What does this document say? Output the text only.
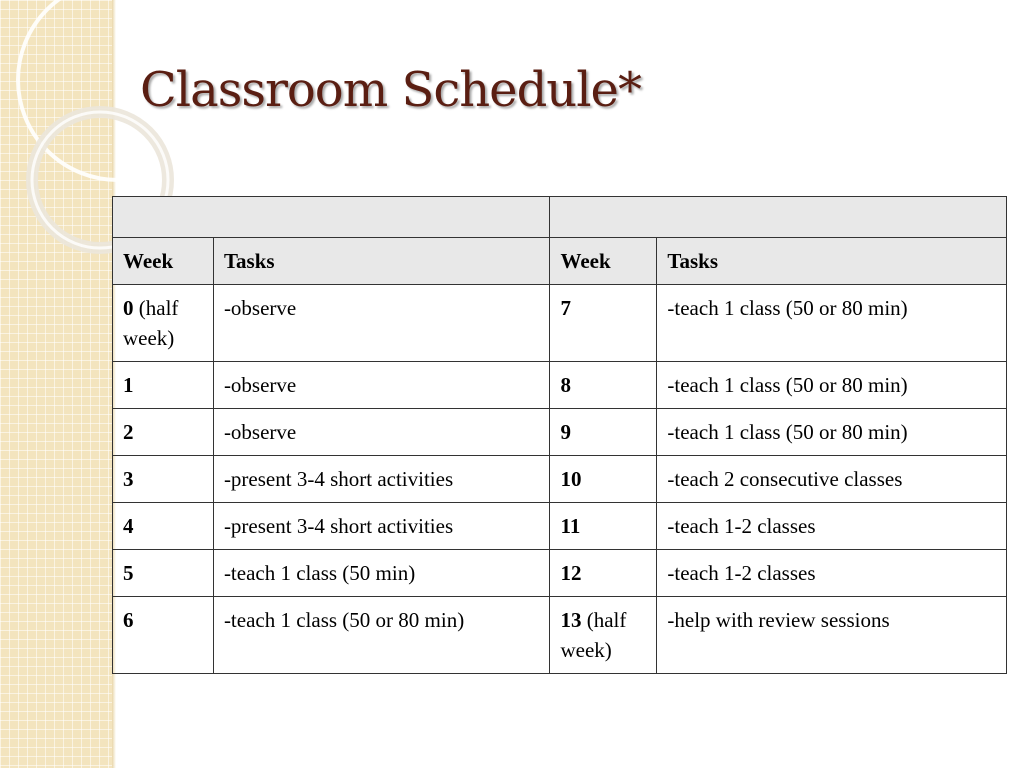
Classroom Schedule*

Week	Tasks	Week	Tasks
0 (half week)	-observe	7	-teach 1 class (50 or 80 min)
1	-observe	8	-teach 1 class (50 or 80 min)
2	-observe	9	-teach 1 class (50 or 80 min)
3	-present 3-4 short activities	10	-teach 2 consecutive classes
4	-present 3-4 short activities	11	-teach 1-2 classes
5	-teach 1 class (50 min)	12	-teach 1-2 classes
6	-teach 1 class (50 or 80 min)	13 (half week)	-help with review sessions
